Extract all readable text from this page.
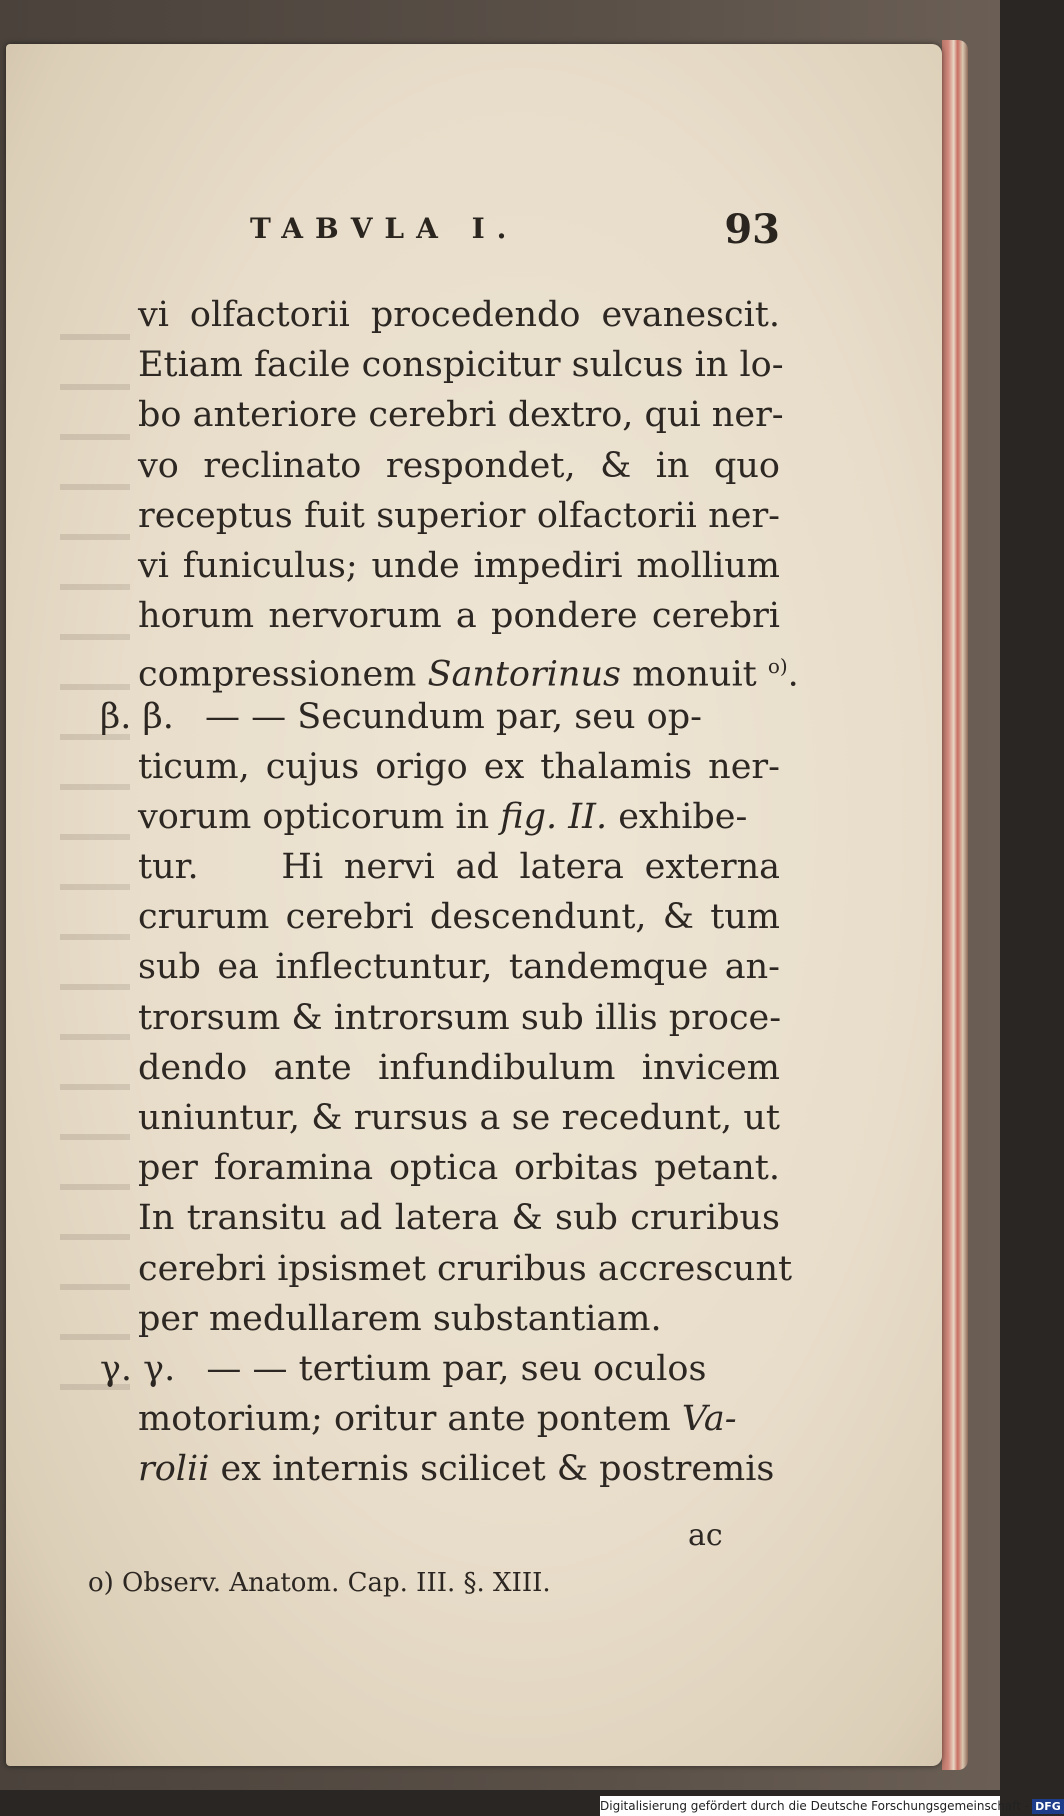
TABVLA I.	93
vi olfactorii procedendo evanescit.
Etiam facile conspicitur sulcus in lo-
bo anteriore cerebri dextro, qui ner-
vo reclinato respondet, & in quo
receptus fuit superior olfactorii ner-
vi funiculus; unde impediri mollium
horum nervorum a pondere cerebri
compressionem Santorinus monuit $^{o)}$.
β. β. — — Secundum par, seu op-
ticum, cujus origo ex thalamis ner-
vorum opticorum in fig. II. exhibe-
tur.    Hi nervi ad latera externa
crurum cerebri descendunt, & tum
sub ea inflectuntur, tandemque an-
trorsum & introrsum sub illis proce-
dendo ante infundibulum invicem
uniuntur, & rursus a se recedunt, ut
per foramina optica orbitas petant.
In transitu ad latera & sub cruribus
cerebri ipsismet cruribus accrescunt
per medullarem substantiam.
γ. γ. — — tertium par, seu oculos
motorium; oritur ante pontem Va-
rolii ex internis scilicet & postremis
ac
o) Observ. Anatom. Cap. III. §. XIII.
Digitalisierung gefördert durch die Deutsche Forschungsgemeinschaft - DFG
